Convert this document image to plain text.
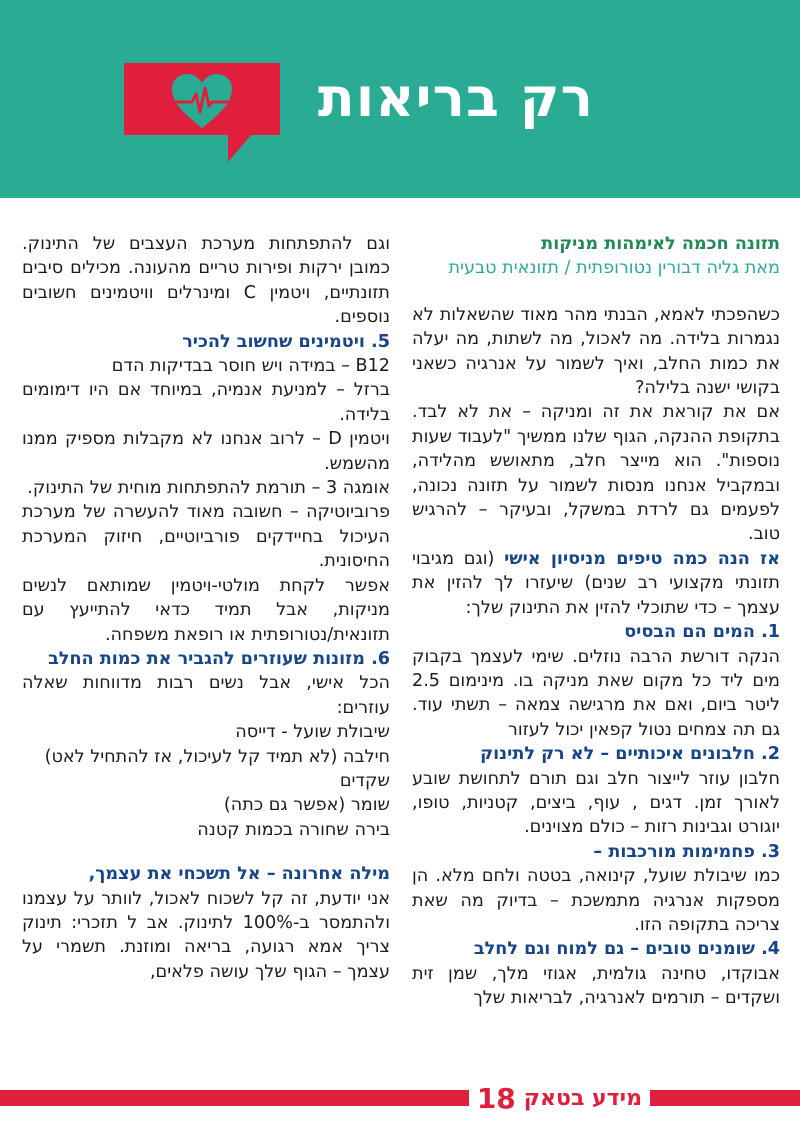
רק בריאות
תזונה חכמה לאימהות מניקות
מאת גליה דבורין נטורופתית / תזונאית טבעית
כשהפכתי לאמא, הבנתי מהר מאוד שהשאלות לא נגמרות בלידה. מה לאכול, מה לשתות, מה יעלה את כמות החלב, ואיך לשמור על אנרגיה כשאני בקושי ישנה בלילה?
אם את קוראת את זה ומניקה – את לא לבד. בתקופת ההנקה, הגוף שלנו ממשיך "לעבוד שעות נוספות". הוא מייצר חלב, מתאושש מהלידה, ובמקביל אנחנו מנסות לשמור על תזונה נכונה, לפעמים גם לרדת במשקל, ובעיקר – להרגיש טוב.
אז הנה כמה טיפים מניסיון אישי (וגם מגיבוי תזונתי מקצועי רב שנים) שיעזרו לך להזין את עצמך – כדי שתוכלי להזין את התינוק שלך:
1. המים הם הבסיס
הנקה דורשת הרבה נוזלים. שימי לעצמך בקבוק מים ליד כל מקום שאת מניקה בו. מינימום 2.5 ליטר ביום, ואם את מרגישה צמאה – תשתי עוד. גם תה צמחים נטול קפאין יכול לעזור
2. חלבונים איכותיים – לא רק לתינוק
חלבון עוזר לייצור חלב וגם תורם לתחושת שובע לאורך זמן. דגים , עוף, ביצים, קטניות, טופו, יוגורט וגבינות רזות – כולם מצוינים.
3. פחמימות מורכבות –
כמו שיבולת שועל, קינואה, בטטה ולחם מלא. הן מספקות אנרגיה מתמשכת – בדיוק מה שאת צריכה בתקופה הזו.
4. שומנים טובים – גם למוח וגם לחלב
אבוקדו, טחינה גולמית, אגוזי מלך, שמן זית ושקדים – תורמים לאנרגיה, לבריאות שלך
וגם להתפתחות מערכת העצבים של התינוק. כמובן ירקות ופירות טריים מהעונה. מכילים סיבים תזונתיים, ויטמין C ומינרלים וויטמינים חשובים נוספים.
5. ויטמינים שחשוב להכיר
B12 – במידה ויש חוסר בבדיקות הדם
ברזל – למניעת אנמיה, במיוחד אם היו דימומים בלידה.
ויטמין D – לרוב אנחנו לא מקבלות מספיק ממנו מהשמש.
אומגה 3 – תורמת להתפתחות מוחית של התינוק.
פרוביוטיקה – חשובה מאוד להעשרה של מערכת העיכול בחיידקים פורביוטיים, חיזוק המערכת החיסונית.
אפשר לקחת מולטי-ויטמין שמותאם לנשים מניקות, אבל תמיד כדאי להתייעץ עם תזונאית/נטורופתית או רופאת משפחה.
6. מזונות שעוזרים להגביר את כמות החלב
הכל אישי, אבל נשים רבות מדווחות שאלה עוזרים:
שיבולת שועל - דייסה
חילבה (לא תמיד קל לעיכול, אז להתחיל לאט)
שקדים
שומר (אפשר גם כתה)
בירה שחורה בכמות קטנה
מילה אחרונה – אל תשכחי את עצמך,
אני יודעת, זה קל לשכוח לאכול, לוותר על עצמנו ולהתמסר ב-100% לתינוק. אב ל תזכרי: תינוק צריך אמא רגועה, בריאה ומוזנת. תשמרי על עצמך – הגוף שלך עושה פלאים,
מידע בטאק
18
